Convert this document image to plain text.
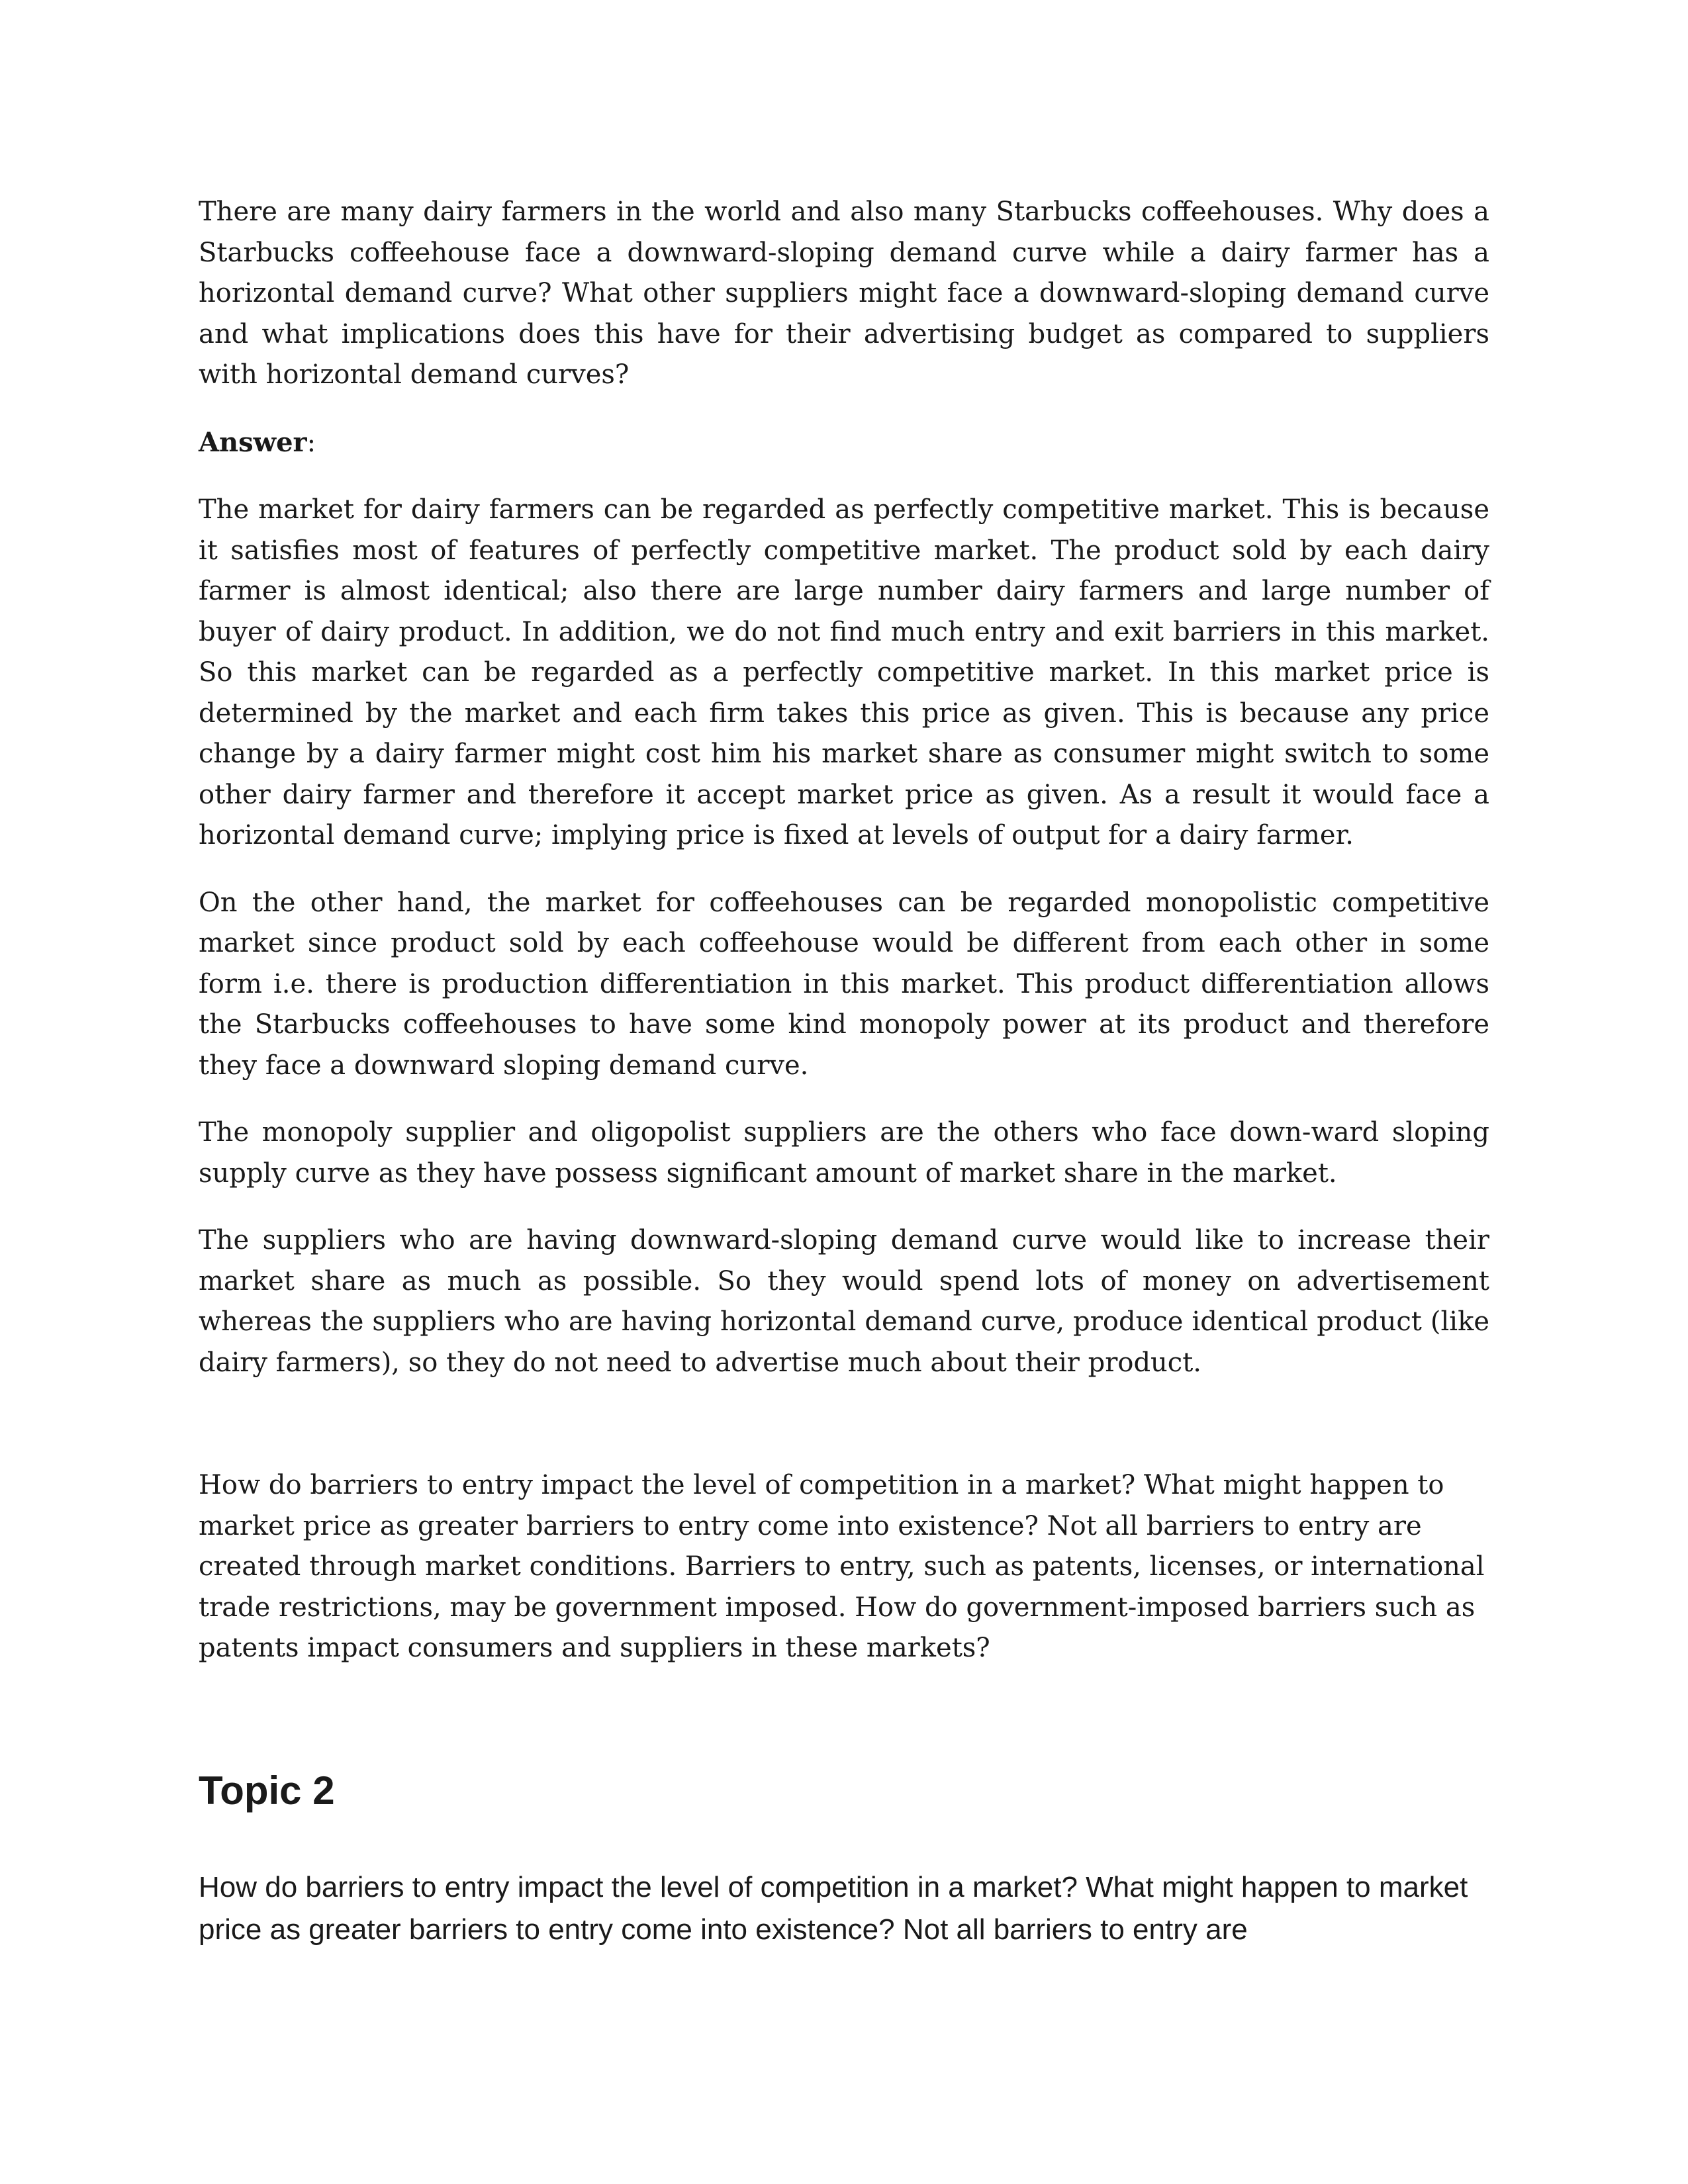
There are many dairy farmers in the world and also many Starbucks coffeehouses. Why does a Starbucks coffeehouse face a downward-sloping demand curve while a dairy farmer has a horizontal demand curve? What other suppliers might face a downward-sloping demand curve and what implications does this have for their advertising budget as compared to suppliers with horizontal demand curves?

Answer:

The market for dairy farmers can be regarded as perfectly competitive market. This is because it satisfies most of features of perfectly competitive market. The product sold by each dairy farmer is almost identical; also there are large number dairy farmers and large number of buyer of dairy product. In addition, we do not find much entry and exit barriers in this market. So this market can be regarded as a perfectly competitive market. In this market price is determined by the market and each firm takes this price as given. This is because any price change by a dairy farmer might cost him his market share as consumer might switch to some other dairy farmer and therefore it accept market price as given. As a result it would face a horizontal demand curve; implying price is fixed at levels of output for a dairy farmer.

On the other hand, the market for coffeehouses can be regarded monopolistic competitive market since product sold by each coffeehouse would be different from each other in some form i.e. there is production differentiation in this market. This product differentiation allows the Starbucks coffeehouses to have some kind monopoly power at its product and therefore they face a downward sloping demand curve.

The monopoly supplier and oligopolist suppliers are the others who face down-ward sloping supply curve as they have possess significant amount of market share in the market.

The suppliers who are having downward-sloping demand curve would like to increase their market share as much as possible. So they would spend lots of money on advertisement whereas the suppliers who are having horizontal demand curve, produce identical product (like dairy farmers), so they do not need to advertise much about their product.

How do barriers to entry impact the level of competition in a market? What might happen to market price as greater barriers to entry come into existence? Not all barriers to entry are created through market conditions. Barriers to entry, such as patents, licenses, or international trade restrictions, may be government imposed. How do government-imposed barriers such as patents impact consumers and suppliers in these markets?

Topic 2

How do barriers to entry impact the level of competition in a market? What might happen to market price as greater barriers to entry come into existence? Not all barriers to entry are
